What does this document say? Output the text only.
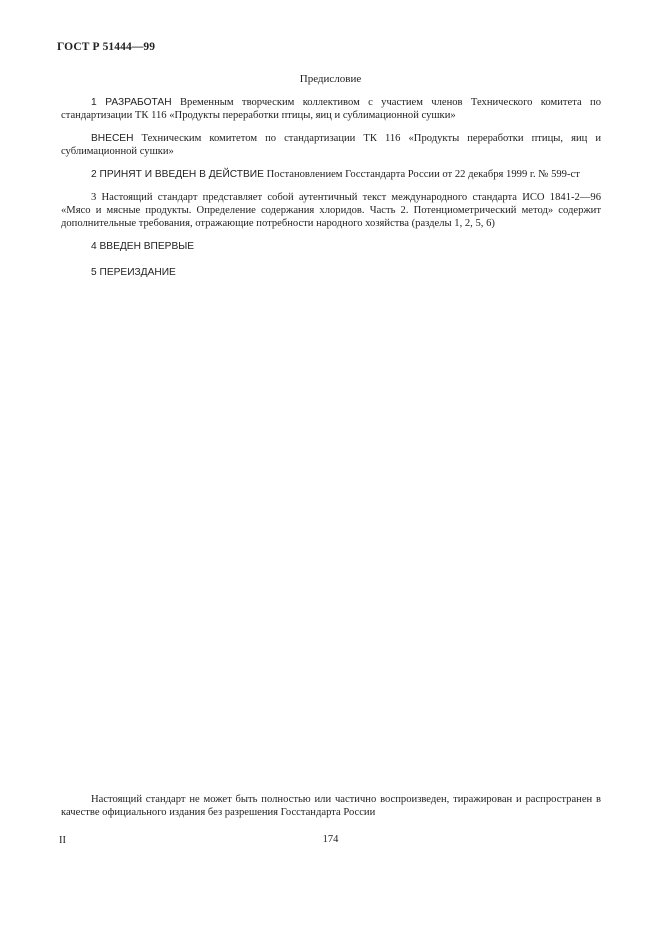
ГОСТ Р 51444—99
Предисловие

1 РАЗРАБОТАН Временным творческим коллективом с участием членов Технического комитета по стандартизации ТК 116 «Продукты переработки птицы, яиц и сублимационной сушки»

ВНЕСЕН Техническим комитетом по стандартизации ТК 116 «Продукты переработки птицы, яиц и сублимационной сушки»

2 ПРИНЯТ И ВВЕДЕН В ДЕЙСТВИЕ Постановлением Госстандарта России от 22 декабря 1999 г. № 599-ст

3 Настоящий стандарт представляет собой аутентичный текст международного стандарта ИСО 1841-2—96 «Мясо и мясные продукты. Определение содержания хлоридов. Часть 2. Потенциометрический метод» содержит дополнительные требования, отражающие потребности народного хозяйства (разделы 1, 2, 5, 6)

4 ВВЕДЕН ВПЕРВЫЕ

5 ПЕРЕИЗДАНИЕ

Настоящий стандарт не может быть полностью или частично воспроизведен, тиражирован и распространен в качестве официального издания без разрешения Госстандарта России
II	174
